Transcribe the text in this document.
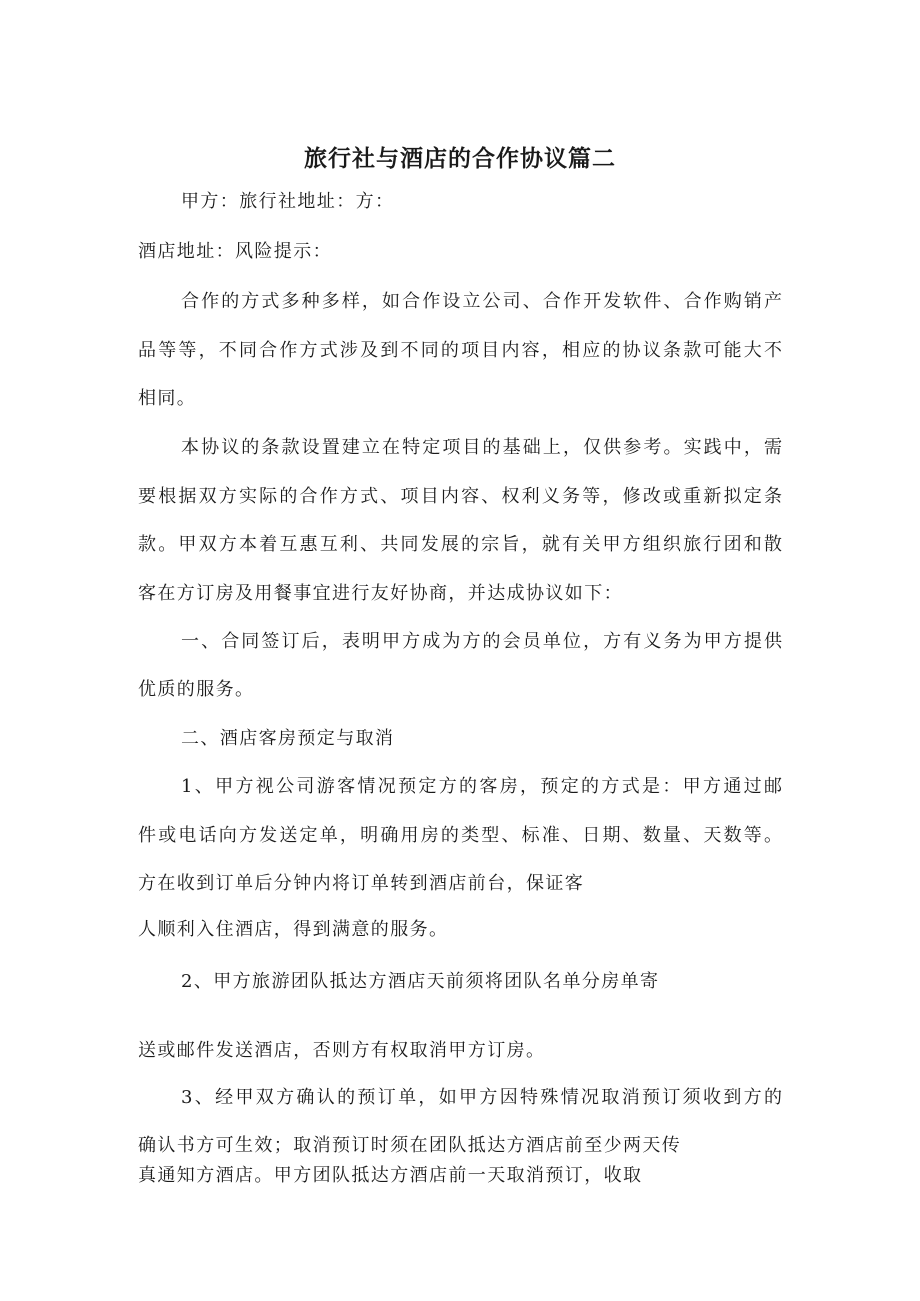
旅行社与酒店的合作协议篇二
甲方：旅行社地址：方：
酒店地址：风险提示：
合作的方式多种多样，如合作设立公司、合作开发软件、合作购销产
品等等，不同合作方式涉及到不同的项目内容，相应的协议条款可能大不
相同。
本协议的条款设置建立在特定项目的基础上，仅供参考。实践中，需
要根据双方实际的合作方式、项目内容、权利义务等，修改或重新拟定条
款。甲双方本着互惠互利、共同发展的宗旨，就有关甲方组织旅行团和散
客在方订房及用餐事宜进行友好协商，并达成协议如下：
一、合同签订后，表明甲方成为方的会员单位，方有义务为甲方提供
优质的服务。
二、酒店客房预定与取消
1、甲方视公司游客情况预定方的客房，预定的方式是：甲方通过邮
件或电话向方发送定单，明确用房的类型、标准、日期、数量、天数等。
方在收到订单后分钟内将订单转到酒店前台，保证客
人顺利入住酒店，得到满意的服务。
2、甲方旅游团队抵达方酒店天前须将团队名单分房单寄
送或邮件发送酒店，否则方有权取消甲方订房。
3、经甲双方确认的预订单，如甲方因特殊情况取消预订须收到方的
确认书方可生效；取消预订时须在团队抵达方酒店前至少两天传
真通知方酒店。甲方团队抵达方酒店前一天取消预订，收取
